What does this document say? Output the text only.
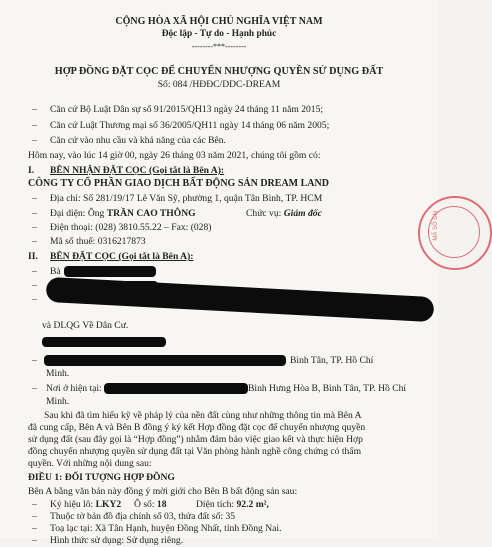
CỘNG HÒA XÃ HỘI CHỦ NGHĨA VIỆT NAM
Độc lập - Tự do - Hạnh phúc
--------***--------
HỢP ĐỒNG ĐẶT CỌC ĐỂ CHUYỂN NHƯỢNG QUYỀN SỬ DỤNG ĐẤT
Số: 084 /HĐĐC/DDC-DREAM
– Căn cứ Bộ Luật Dân sự số 91/2015/QH13 ngày 24 tháng 11 năm 2015;
– Căn cứ Luật Thương mại số 36/2005/QH11 ngày 14 tháng 06 năm 2005;
– Căn cứ vào nhu cầu và khả năng của các Bên.
Hôm nay, vào lúc 14 giờ 00, ngày 26 tháng 03 năm 2021, chúng tôi gồm có:
I. BÊN NHẬN ĐẶT CỌC (Gọi tắt là Bên A):
CÔNG TY CỔ PHẦN GIAO DỊCH BẤT ĐỘNG SẢN DREAM LAND
– Địa chỉ: Số 281/19/17 Lê Văn Sỹ, phường 1, quận Tân Bình, TP. HCM
– Đại diện: Ông TRẦN CAO THÔNG	Chức vụ: Giám đốc
– Điện thoại: (028) 3810.55.22 – Fax: (028)
– Mã số thuế: 0316217873
II. BÊN ĐẶT CỌC (Gọi tắt là Bên A):
– Bà
–
–
và DLQG Về Dân Cư.
–	Bình Tân, TP. Hồ Chí
Minh.
– Nơi ở hiện tại:	Bình Hưng Hòa B, Bình Tân, TP. Hồ Chí
Minh.
Sau khi đã tìm hiểu kỹ về pháp lý của nền đất cùng như những thông tin mà Bên A
đã cung cấp, Bên A và Bên B đồng ý ký kết Hợp đồng đặt cọc để chuyển nhượng quyền
sử dụng đất (sau đây gọi là “Hợp đồng”) nhằm đảm bảo việc giao kết và thực hiện Hợp
đồng chuyển nhượng quyền sử dụng đất tại Văn phòng hành nghề công chứng có thẩm
quyền. Với những nội dung sau:
ĐIỀU 1: ĐỐI TƯỢNG HỢP ĐỒNG
Bên A bằng văn bản này đồng ý mời giới cho Bên B bất động sản sau:
– Ký hiệu lô: LKY2 Ô số: 18	Diện tích: 92.2 m²,
– Thuộc tờ bản đồ địa chính số 03, thửa đất số: 35
– Toạ lạc tại: Xã Tân Hạnh, huyện Đồng Nhất, tỉnh Đồng Nai.
– Hình thức sử dụng: Sử dụng riêng.
MÃ SỐ DN
